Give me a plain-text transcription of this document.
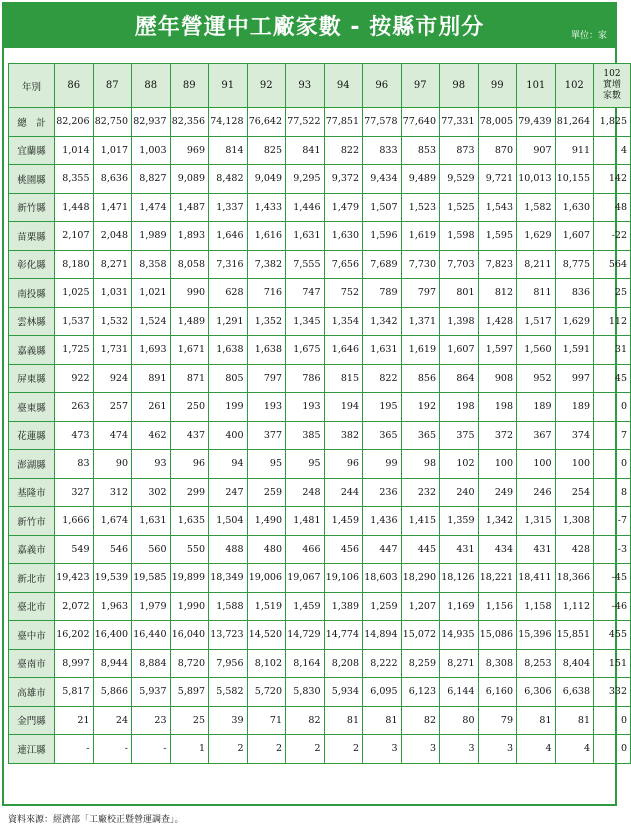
歷年營運中工廠家數 - 按縣市別分	單位：家
年別	86	87	88	89	91	92	93	94	96	97	98	99	101	102	102
實增
家數
總　計	82,206	82,750	82,937	82,356	74,128	76,642	77,522	77,851	77,578	77,640	77,331	78,005	79,439	81,264	1,825
宜蘭縣	1,014	1,017	1,003	969	814	825	841	822	833	853	873	870	907	911	4
桃園縣	8,355	8,636	8,827	9,089	8,482	9,049	9,295	9,372	9,434	9,489	9,529	9,721	10,013	10,155	142
新竹縣	1,448	1,471	1,474	1,487	1,337	1,433	1,446	1,479	1,507	1,523	1,525	1,543	1,582	1,630	48
苗栗縣	2,107	2,048	1,989	1,893	1,646	1,616	1,631	1,630	1,596	1,619	1,598	1,595	1,629	1,607	-22
彰化縣	8,180	8,271	8,358	8,058	7,316	7,382	7,555	7,656	7,689	7,730	7,703	7,823	8,211	8,775	564
南投縣	1,025	1,031	1,021	990	628	716	747	752	789	797	801	812	811	836	25
雲林縣	1,537	1,532	1,524	1,489	1,291	1,352	1,345	1,354	1,342	1,371	1,398	1,428	1,517	1,629	112
嘉義縣	1,725	1,731	1,693	1,671	1,638	1,638	1,675	1,646	1,631	1,619	1,607	1,597	1,560	1,591	31
屏東縣	922	924	891	871	805	797	786	815	822	856	864	908	952	997	45
臺東縣	263	257	261	250	199	193	193	194	195	192	198	198	189	189	0
花蓮縣	473	474	462	437	400	377	385	382	365	365	375	372	367	374	7
澎湖縣	83	90	93	96	94	95	95	96	99	98	102	100	100	100	0
基隆市	327	312	302	299	247	259	248	244	236	232	240	249	246	254	8
新竹市	1,666	1,674	1,631	1,635	1,504	1,490	1,481	1,459	1,436	1,415	1,359	1,342	1,315	1,308	-7
嘉義市	549	546	560	550	488	480	466	456	447	445	431	434	431	428	-3
新北市	19,423	19,539	19,585	19,899	18,349	19,006	19,067	19,106	18,603	18,290	18,126	18,221	18,411	18,366	-45
臺北市	2,072	1,963	1,979	1,990	1,588	1,519	1,459	1,389	1,259	1,207	1,169	1,156	1,158	1,112	-46
臺中市	16,202	16,400	16,440	16,040	13,723	14,520	14,729	14,774	14,894	15,072	14,935	15,086	15,396	15,851	455
臺南市	8,997	8,944	8,884	8,720	7,956	8,102	8,164	8,208	8,222	8,259	8,271	8,308	8,253	8,404	151
高雄市	5,817	5,866	5,937	5,897	5,582	5,720	5,830	5,934	6,095	6,123	6,144	6,160	6,306	6,638	332
金門縣	21	24	23	25	39	71	82	81	81	82	80	79	81	81	0
連江縣	-	-	-	1	2	2	2	2	3	3	3	3	4	4	0
資料來源：經濟部「工廠校正暨營運調查」。
